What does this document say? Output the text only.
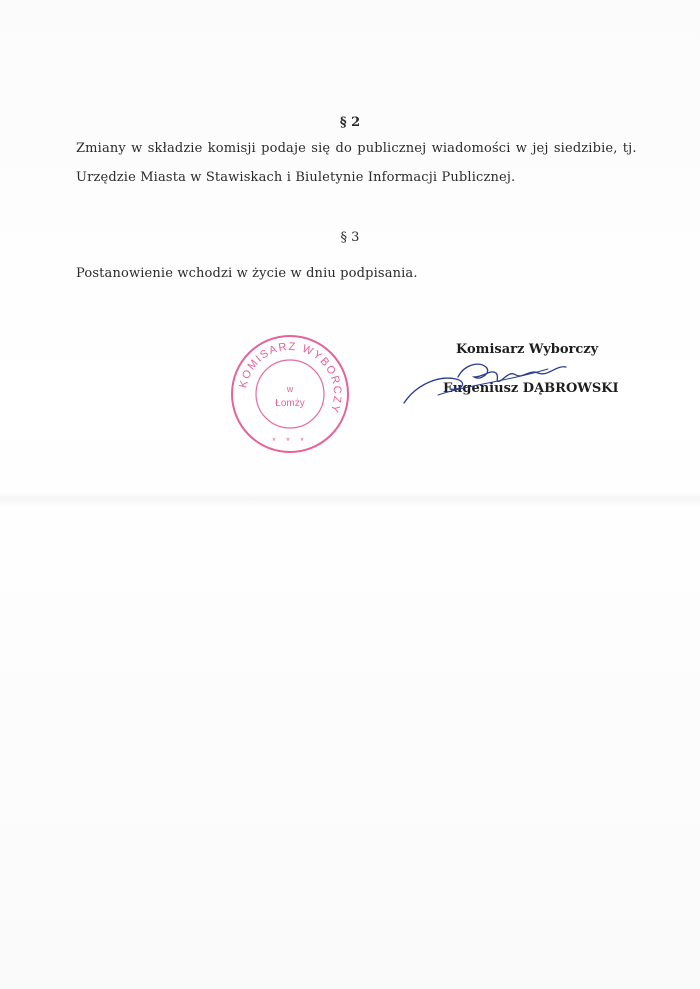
§ 2
Zmiany w składzie komisji podaje się do publicznej wiadomości w jej siedzibie, tj.
Urzędzie Miasta w Stawiskach i Biuletynie Informacji Publicznej.
§ 3
Postanowienie wchodzi w życie w dniu podpisania.
KOMISARZ WYBORCZY
w
Łomży
* * *
Komisarz Wyborczy
Eugeniusz DĄBROWSKI
